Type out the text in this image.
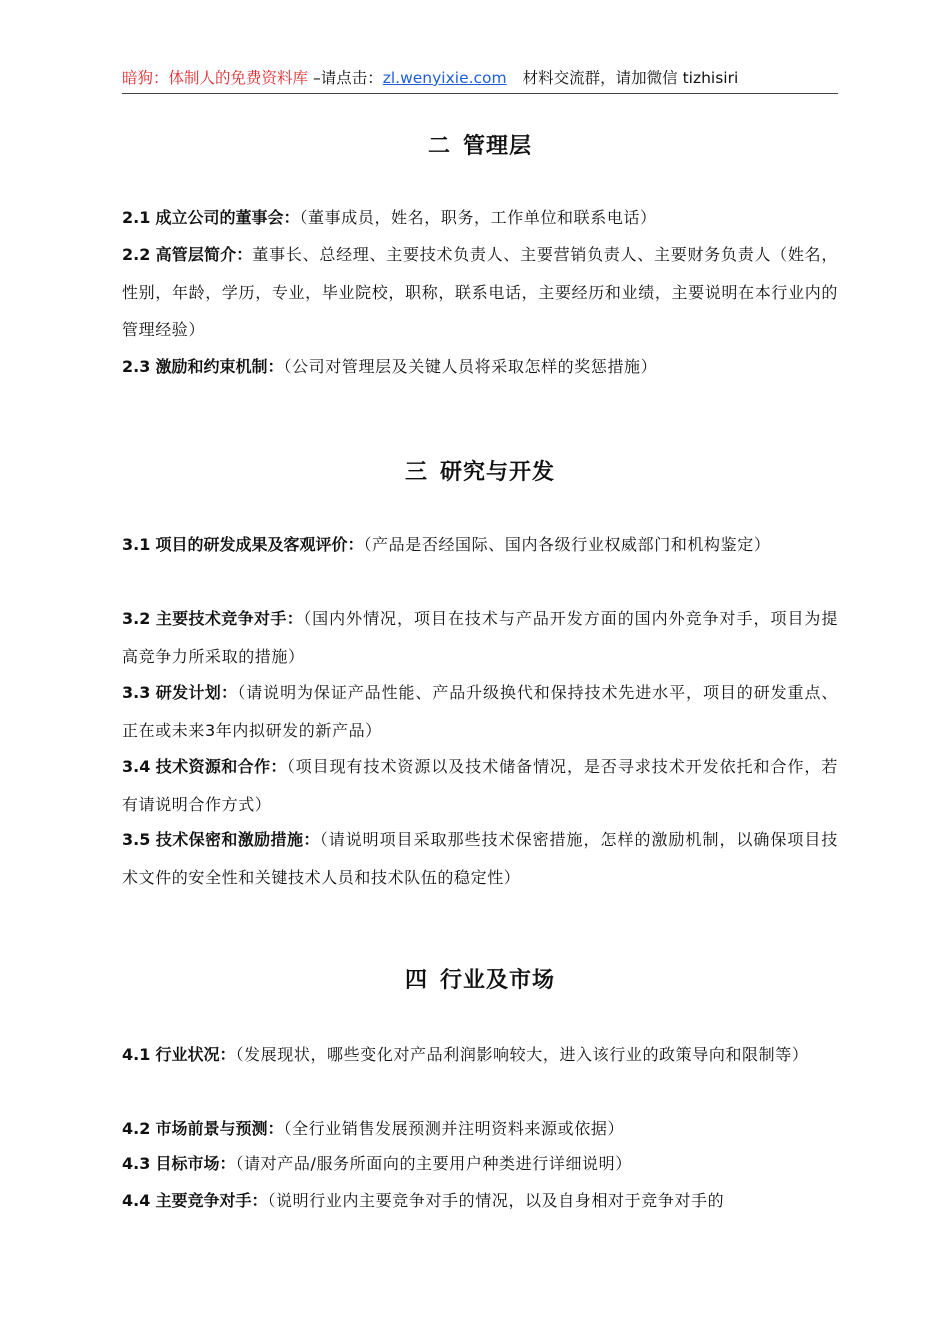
暗狗：体制人的免费资料库 –请点击：zl.wenyixie.com 材料交流群，请加微信 tizhisiri
二 管理层
2.1 成立公司的董事会：（董事成员，姓名，职务，工作单位和联系电话）
2.2 高管层简介：董事长、总经理、主要技术负责人、主要营销负责人、主要财务负责人（姓名，性别，年龄，学历，专业，毕业院校，职称，联系电话，主要经历和业绩，主要说明在本行业内的管理经验）
2.3 激励和约束机制：（公司对管理层及关键人员将采取怎样的奖惩措施）
三 研究与开发
3.1 项目的研发成果及客观评价：（产品是否经国际、国内各级行业权威部门和机构鉴定）
3.2 主要技术竞争对手：（国内外情况，项目在技术与产品开发方面的国内外竞争对手，项目为提高竞争力所采取的措施）
3.3 研发计划：（请说明为保证产品性能、产品升级换代和保持技术先进水平，项目的研发重点、正在或未来3年内拟研发的新产品）
3.4 技术资源和合作：（项目现有技术资源以及技术储备情况，是否寻求技术开发依托和合作，若有请说明合作方式）
3.5 技术保密和激励措施：（请说明项目采取那些技术保密措施，怎样的激励机制，以确保项目技术文件的安全性和关键技术人员和技术队伍的稳定性）
四 行业及市场
4.1 行业状况：（发展现状，哪些变化对产品利润影响较大，进入该行业的政策导向和限制等）
4.2 市场前景与预测：（全行业销售发展预测并注明资料来源或依据）
4.3 目标市场：（请对产品/服务所面向的主要用户种类进行详细说明）
4.4 主要竞争对手：（说明行业内主要竞争对手的情况，以及自身相对于竞争对手的
